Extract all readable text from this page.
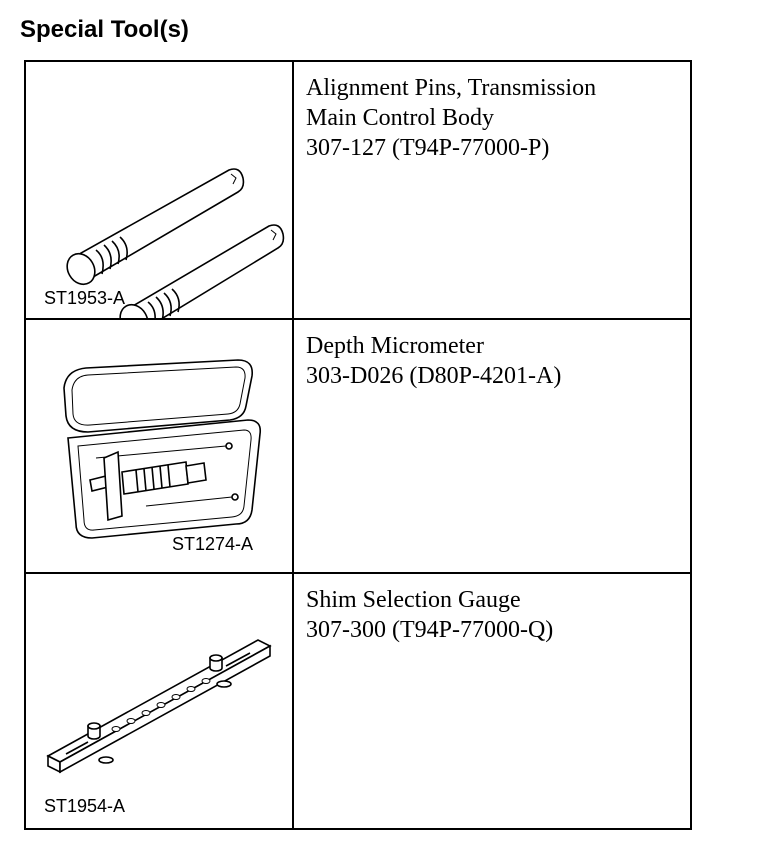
Special Tool(s)
ST1953-A
Alignment Pins, Transmission
Main Control Body
307-127 (T94P-77000-P)
ST1274-A
Depth Micrometer
303-D026 (D80P-4201-A)
ST1954-A
Shim Selection Gauge
307-300 (T94P-77000-Q)
